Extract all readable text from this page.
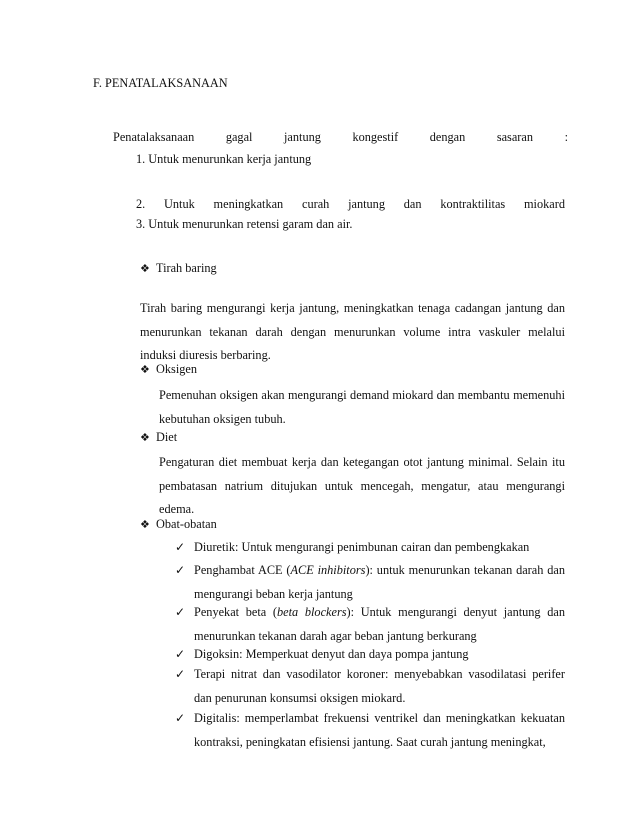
F. PENATALAKSANAAN
Penatalaksanaan	gagal	jantung	kongestif	dengan	sasaran	:
1. Untuk menurunkan kerja jantung
2. Untuk meningkatkan curah jantung dan kontraktilitas miokard
3. Untuk menurunkan retensi garam dan air.
❖ Tirah baring
Tirah baring mengurangi kerja jantung, meningkatkan tenaga cadangan jantung dan menurunkan tekanan darah dengan menurunkan volume intra vaskuler melalui induksi diuresis berbaring.
❖ Oksigen
Pemenuhan oksigen akan mengurangi demand miokard dan membantu memenuhi kebutuhan oksigen tubuh.
❖ Diet
Pengaturan diet membuat kerja dan ketegangan otot jantung minimal. Selain itu pembatasan natrium ditujukan untuk mencegah, mengatur, atau mengurangi edema.
❖ Obat-obatan
✓ Diuretik: Untuk mengurangi penimbunan cairan dan pembengkakan
✓ Penghambat ACE (ACE inhibitors): untuk menurunkan tekanan darah dan mengurangi beban kerja jantung
✓ Penyekat beta (beta blockers): Untuk mengurangi denyut jantung dan menurunkan tekanan darah agar beban jantung berkurang
✓ Digoksin: Memperkuat denyut dan daya pompa jantung
✓ Terapi nitrat dan vasodilator koroner: menyebabkan vasodilatasi perifer dan penurunan konsumsi oksigen miokard.
✓ Digitalis: memperlambat frekuensi ventrikel dan meningkatkan kekuatan kontraksi, peningkatan efisiensi jantung. Saat curah jantung meningkat,
